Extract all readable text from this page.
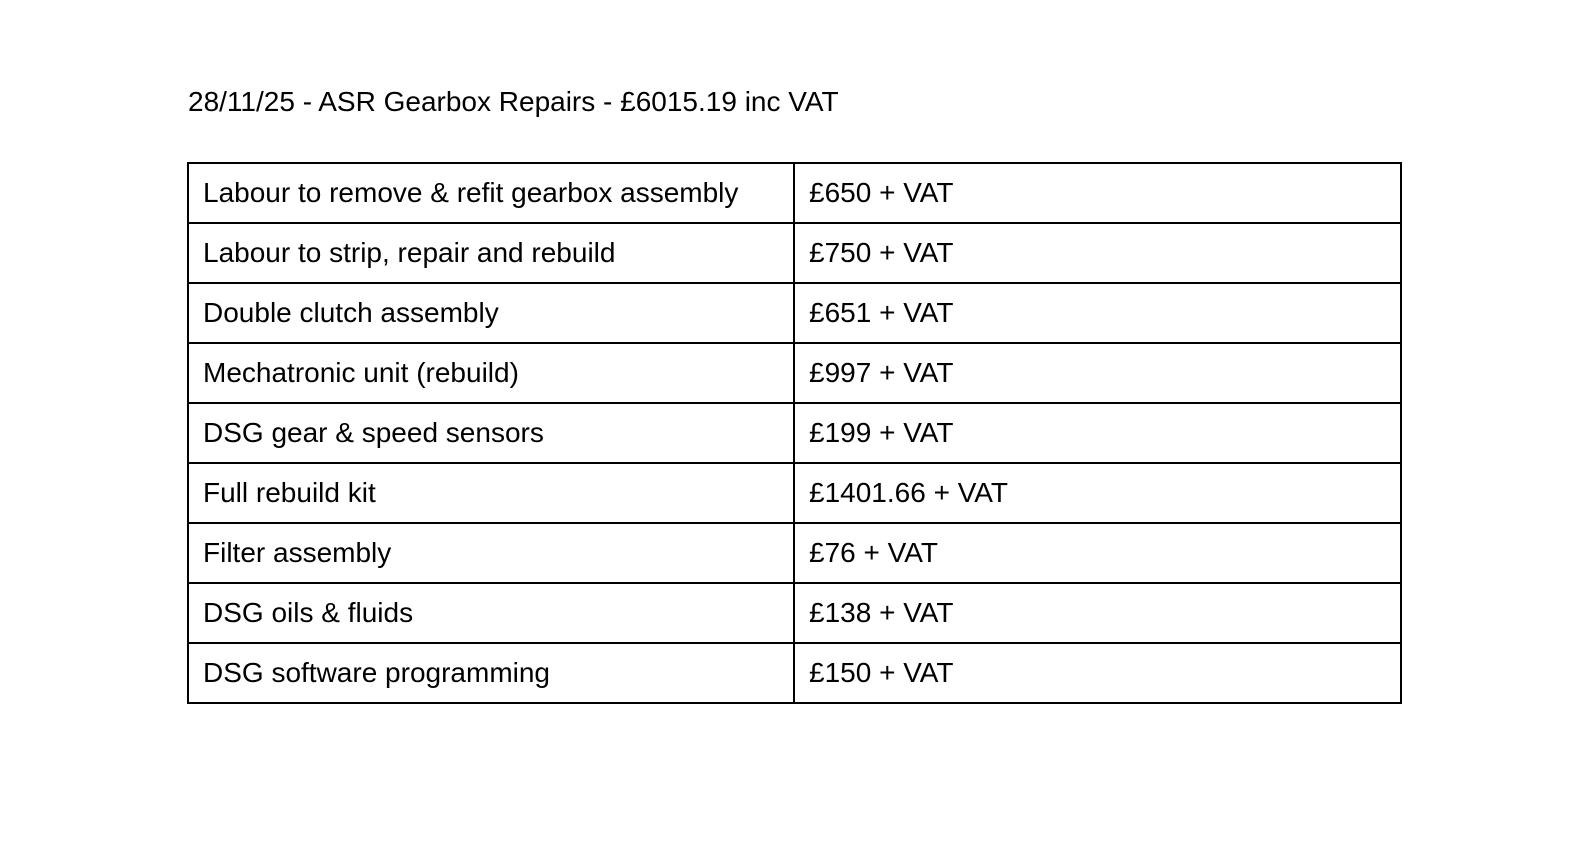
28/11/25 - ASR Gearbox Repairs - £6015.19 inc VAT
Labour to remove & refit gearbox assembly	£650 + VAT
Labour to strip, repair and rebuild	£750 + VAT
Double clutch assembly	£651 + VAT
Mechatronic unit (rebuild)	£997 + VAT
DSG gear & speed sensors	£199 + VAT
Full rebuild kit	£1401.66 + VAT
Filter assembly	£76 + VAT
DSG oils & fluids	£138 + VAT
DSG software programming	£150 + VAT
